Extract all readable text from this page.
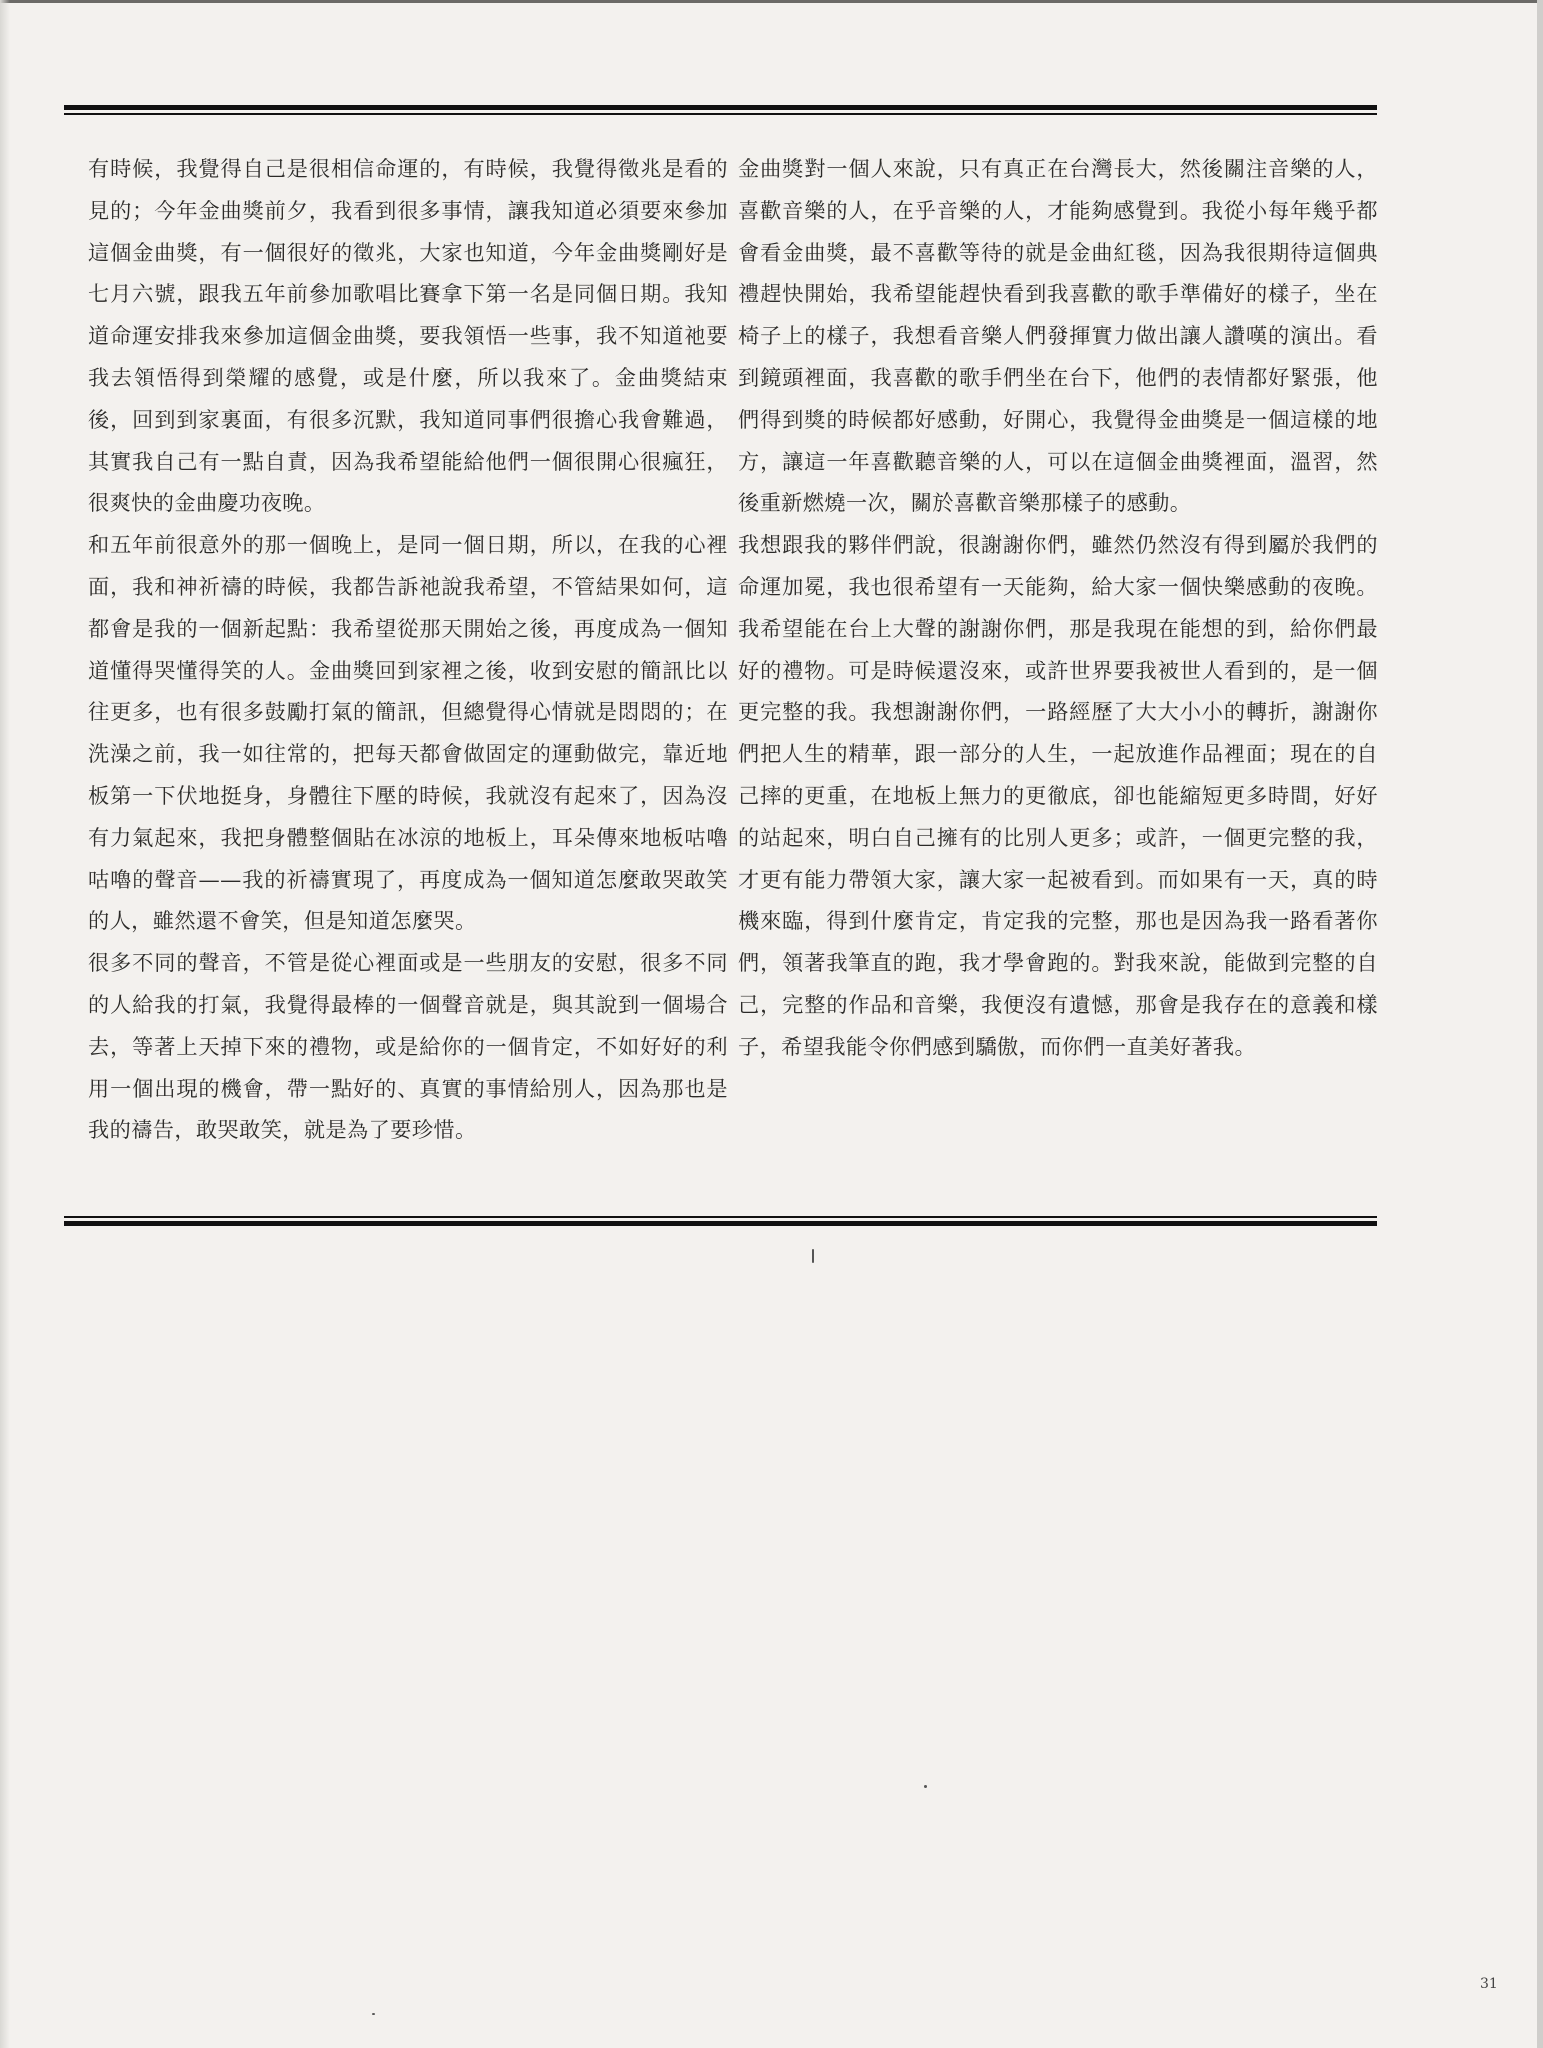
有時候，我覺得自己是很相信命運的，有時候，我覺得徵兆是看的見的；今年金曲獎前夕，我看到很多事情，讓我知道必須要來參加這個金曲獎，有一個很好的徵兆，大家也知道，今年金曲獎剛好是七月六號，跟我五年前參加歌唱比賽拿下第一名是同個日期。我知道命運安排我來參加這個金曲獎，要我領悟一些事，我不知道祂要我去領悟得到榮耀的感覺，或是什麼，所以我來了。金曲獎結束後，回到到家裏面，有很多沉默，我知道同事們很擔心我會難過，其實我自己有一點自責，因為我希望能給他們一個很開心很瘋狂，很爽快的金曲慶功夜晚。

和五年前很意外的那一個晚上，是同一個日期，所以，在我的心裡面，我和神祈禱的時候，我都告訴祂說我希望，不管結果如何，這都會是我的一個新起點：我希望從那天開始之後，再度成為一個知道懂得哭懂得笑的人。金曲獎回到家裡之後，收到安慰的簡訊比以往更多，也有很多鼓勵打氣的簡訊，但總覺得心情就是悶悶的；在洗澡之前，我一如往常的，把每天都會做固定的運動做完，靠近地板第一下伏地挺身，身體往下壓的時候，我就沒有起來了，因為沒有力氣起來，我把身體整個貼在冰涼的地板上，耳朵傳來地板咕嚕咕嚕的聲音——我的祈禱實現了，再度成為一個知道怎麼敢哭敢笑的人，雖然還不會笑，但是知道怎麼哭。

很多不同的聲音，不管是從心裡面或是一些朋友的安慰，很多不同的人給我的打氣，我覺得最棒的一個聲音就是，與其說到一個場合去，等著上天掉下來的禮物，或是給你的一個肯定，不如好好的利用一個出現的機會，帶一點好的、真實的事情給別人，因為那也是我的禱告，敢哭敢笑，就是為了要珍惜。

金曲獎對一個人來說，只有真正在台灣長大，然後關注音樂的人，喜歡音樂的人，在乎音樂的人，才能夠感覺到。我從小每年幾乎都會看金曲獎，最不喜歡等待的就是金曲紅毯，因為我很期待這個典禮趕快開始，我希望能趕快看到我喜歡的歌手準備好的樣子，坐在椅子上的樣子，我想看音樂人們發揮實力做出讓人讚嘆的演出。看到鏡頭裡面，我喜歡的歌手們坐在台下，他們的表情都好緊張，他們得到獎的時候都好感動，好開心，我覺得金曲獎是一個這樣的地方，讓這一年喜歡聽音樂的人，可以在這個金曲獎裡面，溫習，然後重新燃燒一次，關於喜歡音樂那樣子的感動。

我想跟我的夥伴們說，很謝謝你們，雖然仍然沒有得到屬於我們的命運加冕，我也很希望有一天能夠，給大家一個快樂感動的夜晚。我希望能在台上大聲的謝謝你們，那是我現在能想的到，給你們最好的禮物。可是時候還沒來，或許世界要我被世人看到的，是一個更完整的我。我想謝謝你們，一路經歷了大大小小的轉折，謝謝你們把人生的精華，跟一部分的人生，一起放進作品裡面；現在的自己摔的更重，在地板上無力的更徹底，卻也能縮短更多時間，好好的站起來，明白自己擁有的比別人更多；或許，一個更完整的我，才更有能力帶領大家，讓大家一起被看到。而如果有一天，真的時機來臨，得到什麼肯定，肯定我的完整，那也是因為我一路看著你們，領著我筆直的跑，我才學會跑的。對我來說，能做到完整的自己，完整的作品和音樂，我便沒有遺憾，那會是我存在的意義和樣子，希望我能令你們感到驕傲，而你們一直美好著我。

31
